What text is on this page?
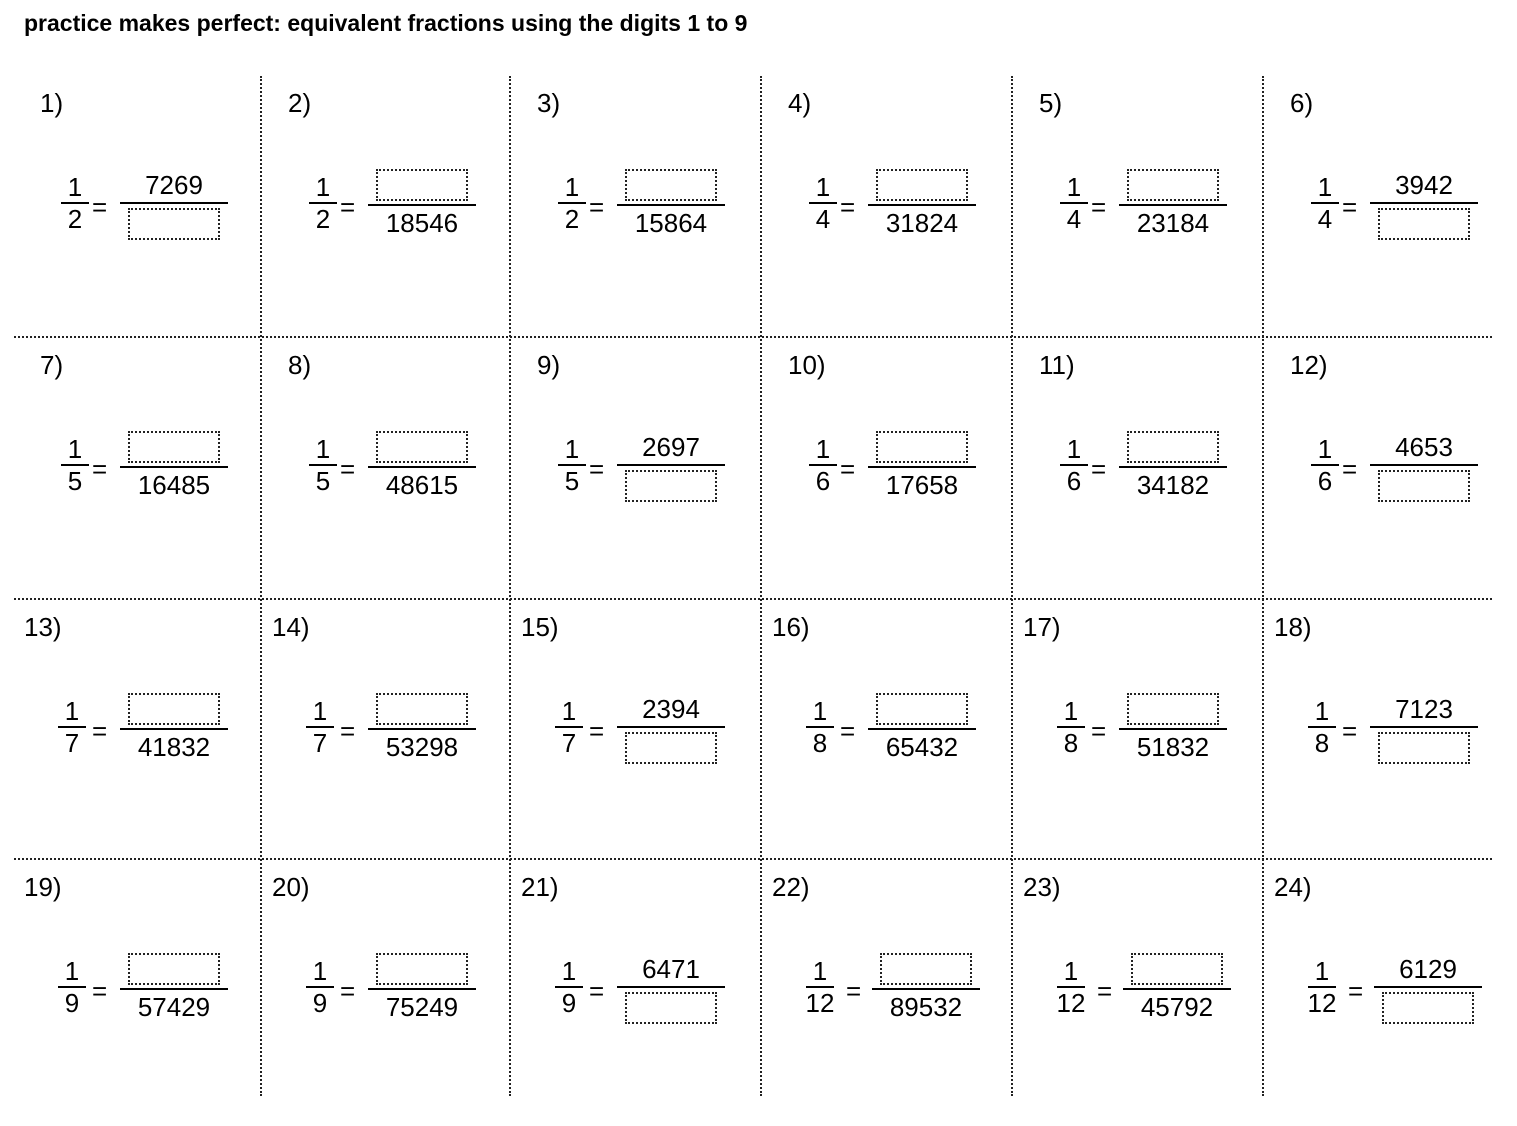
practice makes perfect: equivalent fractions using the digits 1 to 9
1)
1
2 =
7269
2)
1
2 =
18546
3)
1
2 =
15864
4)
1
4 =
31824
5)
1
4 =
23184
6)
1
4 =
3942
7)
1
5 =
16485
8)
1
5 =
48615
9)
1
5 =
2697
10)
1
6 =
17658
11)
1
6 =
34182
12)
1
6 =
4653
13)
1
7 =
41832
14)
1
7 =
53298
15)
1
7 =
2394
16)
1
8 =
65432
17)
1
8 =
51832
18)
1
8 =
7123
19)
1
9 =
57429
20)
1
9 =
75249
21)
1
9 =
6471
22)
1
12 =
89532
23)
1
12 =
45792
24)
1
12 =
6129
